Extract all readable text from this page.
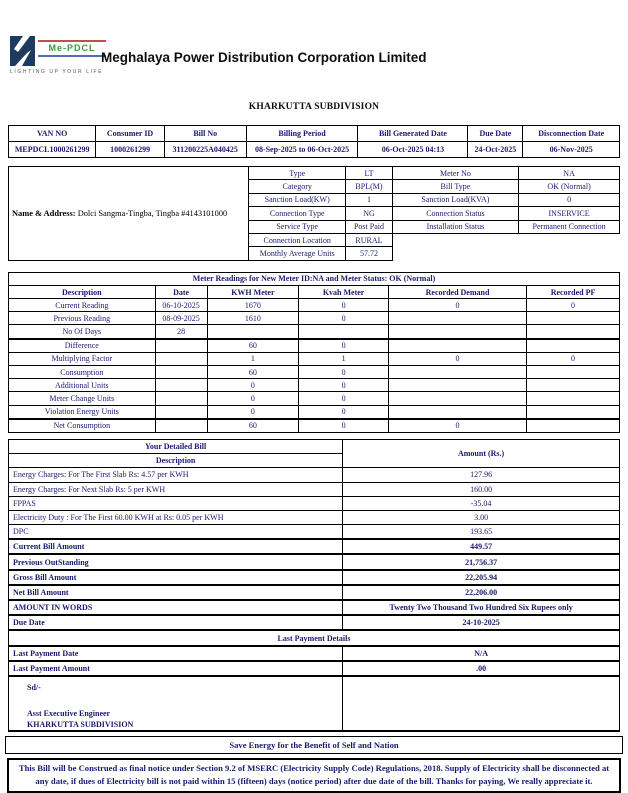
Me-PDCL
LIGHTING UP YOUR LIFE
Meghalaya Power Distribution Corporation Limited
KHARKUTTA SUBDIVISION
VAN NO	Consumer ID	Bill No	Billing Period	Bill Generated Date	Due Date	Disconnection Date
MEPDCL1000261299	1000261299	311200225A040425	08-Sep-2025 to 06-Oct-2025	06-Oct-2025 04:13	24-Oct-2025	06-Nov-2025
Name & Address: Dolci Sangma-Tingba, Tingba #4143101000	Type	LT	Meter No	NA
	Category	BPL(M)	Bill Type	OK (Normal)
	Sanction Load(KW)	1	Sanction Load(KVA)	0
	Connection Type	NG	Connection Status	INSERVICE
	Service Type	Post Paid	Installation Status	Permanent Connection
	Connection Location	RURAL		
	Monthly Average Units	57.72		
Meter Readings for New Meter ID:NA and Meter Status: OK (Normal)					
Description	Date	KWH Meter	Kvah Meter	Recorded Demand	Recorded PF
Current Reading	06-10-2025	1670	0	0	0
Previous Reading	08-09-2025	1610	0		
No Of Days	28				
Difference		60	0		
Multiplying Factor		1	1	0	0
Consumption		60	0		
Additional Units		0	0		
Meter Change Units		0	0		
Violation Energy Units		0	0		
Net Consumption		60	0	0	
Your Detailed Bill	Amount (Rs.)
Description	
Energy Charges: For The First Slab Rs: 4.57 per KWH	127.96
Energy Charges: For Next Slab Rs: 5 per KWH	160.00
FPPAS	-35.04
Electricity Duty : For The First 60.00 KWH at Rs: 0.05 per KWH	3.00
DPC	193.65
Current Bill Amount	449.57
Previous OutStanding	21,756.37
Gross Bill Amount	22,205.94
Net Bill Amount	22,206.00
AMOUNT IN WORDS	Twenty Two Thousand Two Hundred Six Rupees only
Due Date	24-10-2025
Last Payment Details	
Last Payment Date	N/A
Last Payment Amount	.00

Sd/-
Asst Executive Engineer
KHARKUTTA SUBDIVISION	

Save Energy for the Benefit of Self and Nation
This Bill will be Construed as final notice under Section 9.2 of MSERC (Electricity Supply Code) Regulations, 2018. Supply of Electricity shall be disconnected at any date, if dues of Electricity bill is not paid within 15 (fifteen) days (notice period) after due date of the bill. Thanks for paying, We really appreciate it.
